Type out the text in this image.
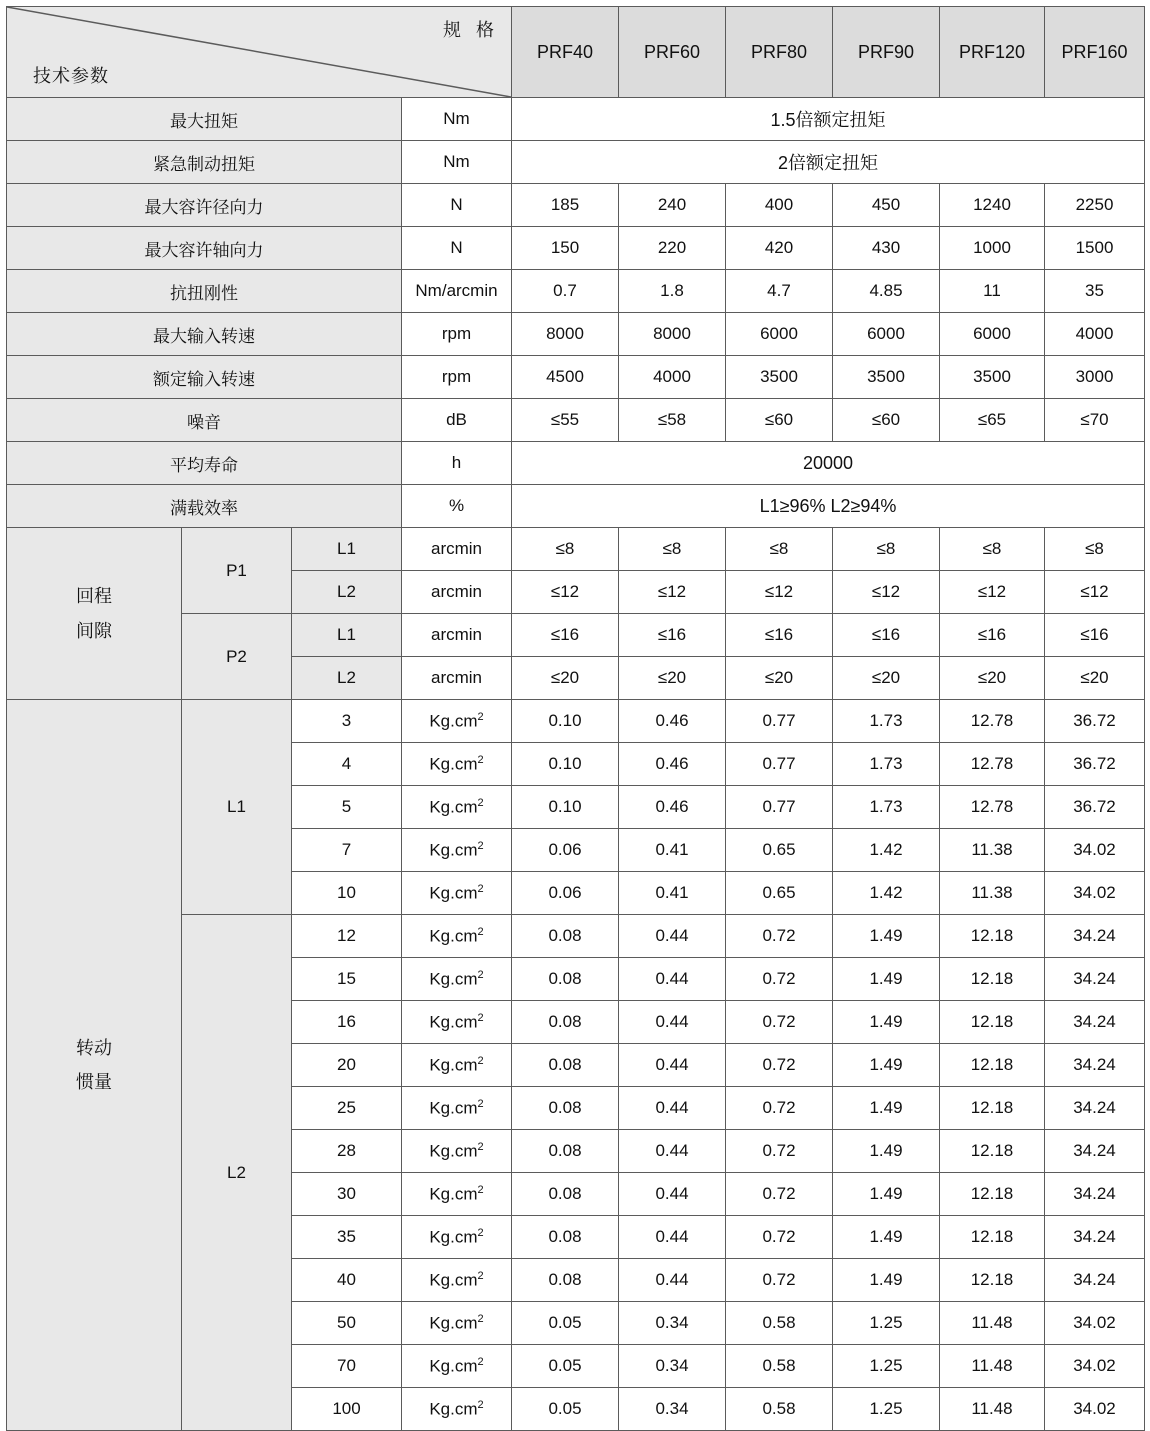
规 格
技术参数				PRF40	PRF60	PRF80	PRF90	PRF120	PRF160
最大扭矩			Nm	1.5倍额定扭矩					
紧急制动扭矩			Nm	2倍额定扭矩					
最大容许径向力			N	185	240	400	450	1240	2250
最大容许轴向力			N	150	220	420	430	1000	1500
抗扭刚性			Nm/arcmin	0.7	1.8	4.7	4.85	11	35
最大输入转速			rpm	8000	8000	6000	6000	6000	4000
额定输入转速			rpm	4500	4000	3500	3500	3500	3000
噪音			dB	≤55	≤58	≤60	≤60	≤65	≤70
平均寿命			h	20000					
满载效率			%	L1≥96% L2≥94%					
回程
间隙	P1	L1	arcmin	≤8	≤8	≤8	≤8	≤8	≤8
		L2	arcmin	≤12	≤12	≤12	≤12	≤12	≤12
	P2	L1	arcmin	≤16	≤16	≤16	≤16	≤16	≤16
		L2	arcmin	≤20	≤20	≤20	≤20	≤20	≤20
转动
惯量	L1	3	$Kg.cm^2$	0.10	0.46	0.77	1.73	12.78	36.72
		4	$Kg.cm^2$	0.10	0.46	0.77	1.73	12.78	36.72
		5	$Kg.cm^2$	0.10	0.46	0.77	1.73	12.78	36.72
		7	$Kg.cm^2$	0.06	0.41	0.65	1.42	11.38	34.02
		10	$Kg.cm^2$	0.06	0.41	0.65	1.42	11.38	34.02
	L2	12	$Kg.cm^2$	0.08	0.44	0.72	1.49	12.18	34.24
		15	$Kg.cm^2$	0.08	0.44	0.72	1.49	12.18	34.24
		16	$Kg.cm^2$	0.08	0.44	0.72	1.49	12.18	34.24
		20	$Kg.cm^2$	0.08	0.44	0.72	1.49	12.18	34.24
		25	$Kg.cm^2$	0.08	0.44	0.72	1.49	12.18	34.24
		28	$Kg.cm^2$	0.08	0.44	0.72	1.49	12.18	34.24
		30	$Kg.cm^2$	0.08	0.44	0.72	1.49	12.18	34.24
		35	$Kg.cm^2$	0.08	0.44	0.72	1.49	12.18	34.24
		40	$Kg.cm^2$	0.08	0.44	0.72	1.49	12.18	34.24
		50	$Kg.cm^2$	0.05	0.34	0.58	1.25	11.48	34.02
		70	$Kg.cm^2$	0.05	0.34	0.58	1.25	11.48	34.02
		100	$Kg.cm^2$	0.05	0.34	0.58	1.25	11.48	34.02
